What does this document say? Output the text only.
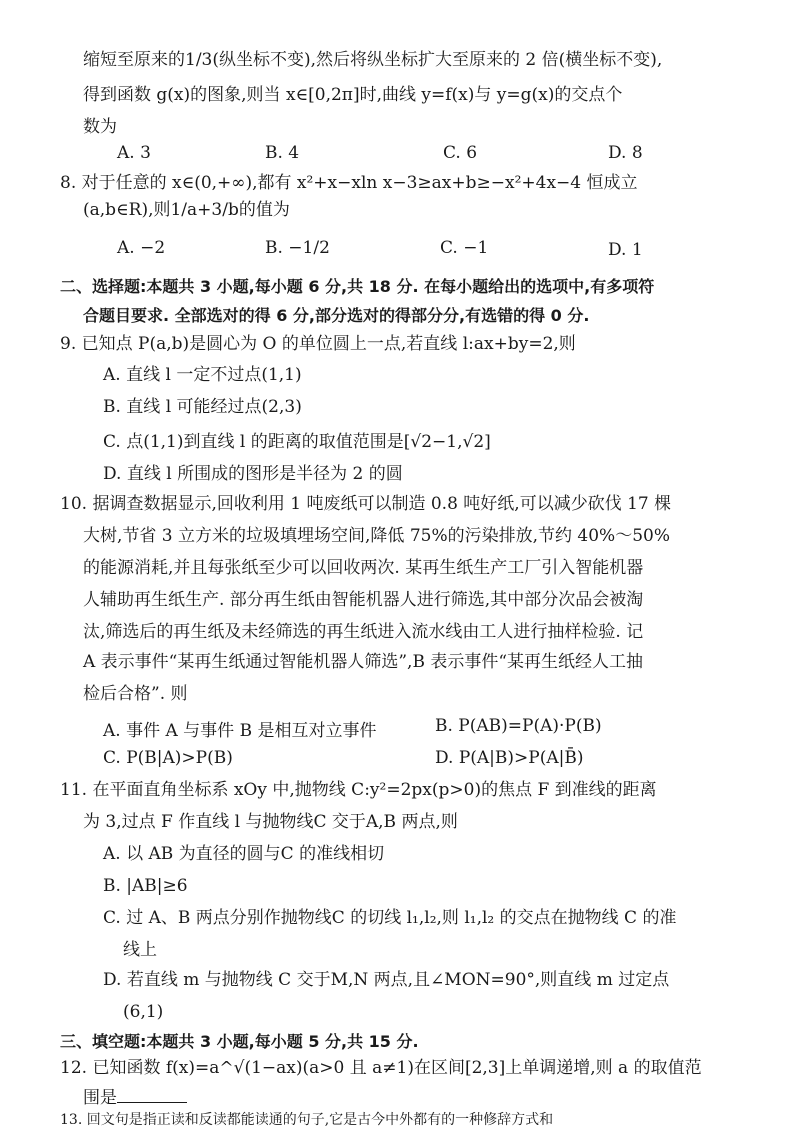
缩短至原来的1/3(纵坐标不变),然后将纵坐标扩大至原来的 2 倍(横坐标不变),
得到函数 g(x)的图象,则当 x∈[0,2π]时,曲线 y=f(x)与 y=g(x)的交点个
数为
A. 3	B. 4	C. 6	D. 8
8. 对于任意的 x∈(0,+∞),都有 x²+x−xln x−3≥ax+b≥−x²+4x−4 恒成立
(a,b∈R),则1/a+3/b的值为
A. −2	B. −1/2	C. −1	D. 1
二、选择题:本题共 3 小题,每小题 6 分,共 18 分. 在每小题给出的选项中,有多项符
合题目要求. 全部选对的得 6 分,部分选对的得部分分,有选错的得 0 分.
9. 已知点 P(a,b)是圆心为 O 的单位圆上一点,若直线 l:ax+by=2,则
A. 直线 l 一定不过点(1,1)
B. 直线 l 可能经过点(2,3)
C. 点(1,1)到直线 l 的距离的取值范围是[√2−1,√2]
D. 直线 l 所围成的图形是半径为 2 的圆
10. 据调查数据显示,回收利用 1 吨废纸可以制造 0.8 吨好纸,可以减少砍伐 17 棵
大树,节省 3 立方米的垃圾填埋场空间,降低 75%的污染排放,节约 40%～50%
的能源消耗,并且每张纸至少可以回收两次. 某再生纸生产工厂引入智能机器
人辅助再生纸生产. 部分再生纸由智能机器人进行筛选,其中部分次品会被淘
汰,筛选后的再生纸及未经筛选的再生纸进入流水线由工人进行抽样检验. 记
A 表示事件“某再生纸通过智能机器人筛选”,B 表示事件“某再生纸经人工抽
检后合格”. 则
A. 事件 A 与事件 B 是相互对立事件	B. P(AB)=P(A)·P(B)
C. P(B|A)>P(B)	D. P(A|B)>P(A|B̄)
11. 在平面直角坐标系 xOy 中,抛物线 C:y²=2px(p>0)的焦点 F 到准线的距离
为 3,过点 F 作直线 l 与抛物线C 交于A,B 两点,则
A. 以 AB 为直径的圆与C 的准线相切
B. |AB|≥6
C. 过 A、B 两点分别作抛物线C 的切线 l₁,l₂,则 l₁,l₂ 的交点在抛物线 C 的准
线上
D. 若直线 m 与抛物线 C 交于M,N 两点,且∠MON=90°,则直线 m 过定点
(6,1)
三、填空题:本题共 3 小题,每小题 5 分,共 15 分.
12. 已知函数 f(x)=a^√(1−ax)(a>0 且 a≠1)在区间[2,3]上单调递增,则 a 的取值范
围是
13. 回文句是指正读和反读都能读通的句子,它是古今中外都有的一种修辞方式和
